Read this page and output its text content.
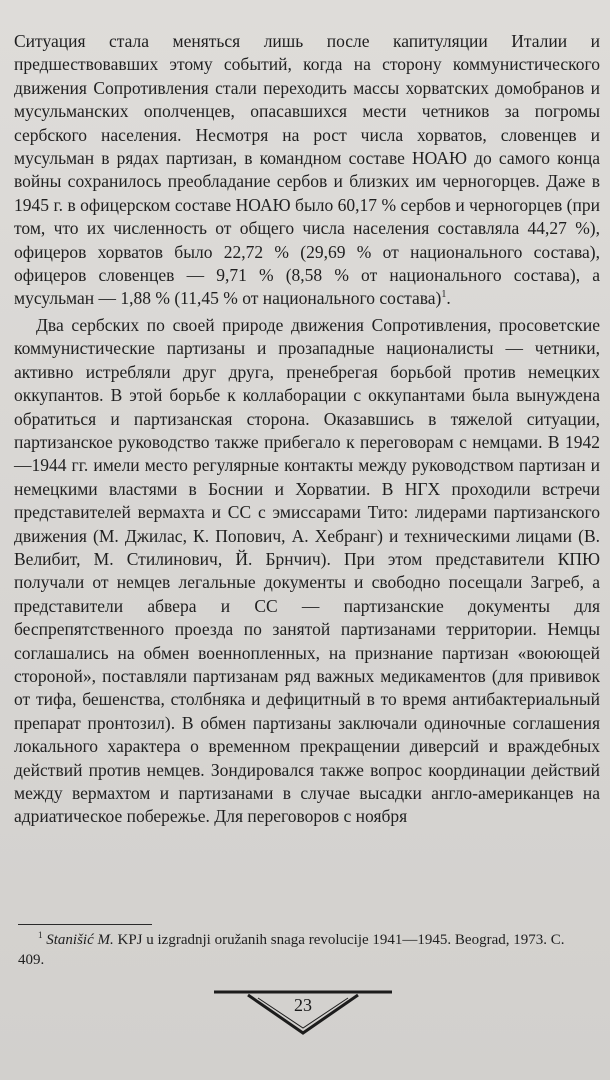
Ситуация стала меняться лишь после капитуляции Италии и предшествовавших этому событий, когда на сторону коммунистического движения Сопротивления стали переходить массы хорватских домобранов и мусульманских ополченцев, опасавшихся мести четников за погромы сербского населения. Несмотря на рост числа хорватов, словенцев и мусульман в рядах партизан, в командном составе НОАЮ до самого конца войны сохранилось преобладание сербов и близких им черногорцев. Даже в 1945 г. в офицерском составе НОАЮ было 60,17 % сербов и черногорцев (при том, что их численность от общего числа населения составляла 44,27 %), офицеров хорватов было 22,72 % (29,69 % от национального состава), офицеров словенцев — 9,71 % (8,58 % от национального состава), а мусульман — 1,88 % (11,45 % от национального состава)$^1$.

Два сербских по своей природе движения Сопротивления, просоветские коммунистические партизаны и прозападные националисты — четники, активно истребляли друг друга, пренебрегая борьбой против немецких оккупантов. В этой борьбе к коллаборации с оккупантами была вынуждена обратиться и партизанская сторона. Оказавшись в тяжелой ситуации, партизанское руководство также прибегало к переговорам с немцами. В 1942—1944 гг. имели место регулярные контакты между руководством партизан и немецкими властями в Боснии и Хорватии. В НГХ проходили встречи представителей вермахта и СС с эмиссарами Тито: лидерами партизанского движения (М. Джилас, К. Попович, А. Хебранг) и техническими лицами (В. Велибит, М. Стилинович, Й. Брнчич). При этом представители КПЮ получали от немцев легальные документы и свободно посещали Загреб, а представители абвера и СС — партизанские документы для беспрепятственного проезда по занятой партизанами территории. Немцы соглашались на обмен военнопленных, на признание партизан «воюющей стороной», поставляли партизанам ряд важных медикаментов (для прививок от тифа, бешенства, столбняка и дефицитный в то время антибактериальный препарат пронтозил). В обмен партизаны заключали одиночные соглашения локального характера о временном прекращении диверсий и враждебных действий против немцев. Зондировался также вопрос координации действий между вермахтом и партизанами в случае высадки англо-американцев на адриатическое побережье. Для переговоров с ноября

$^1$ Stanišić M. KPJ u izgradnji oružanih snaga revolucije 1941—1945. Beograd, 1973. С. 409.

23
